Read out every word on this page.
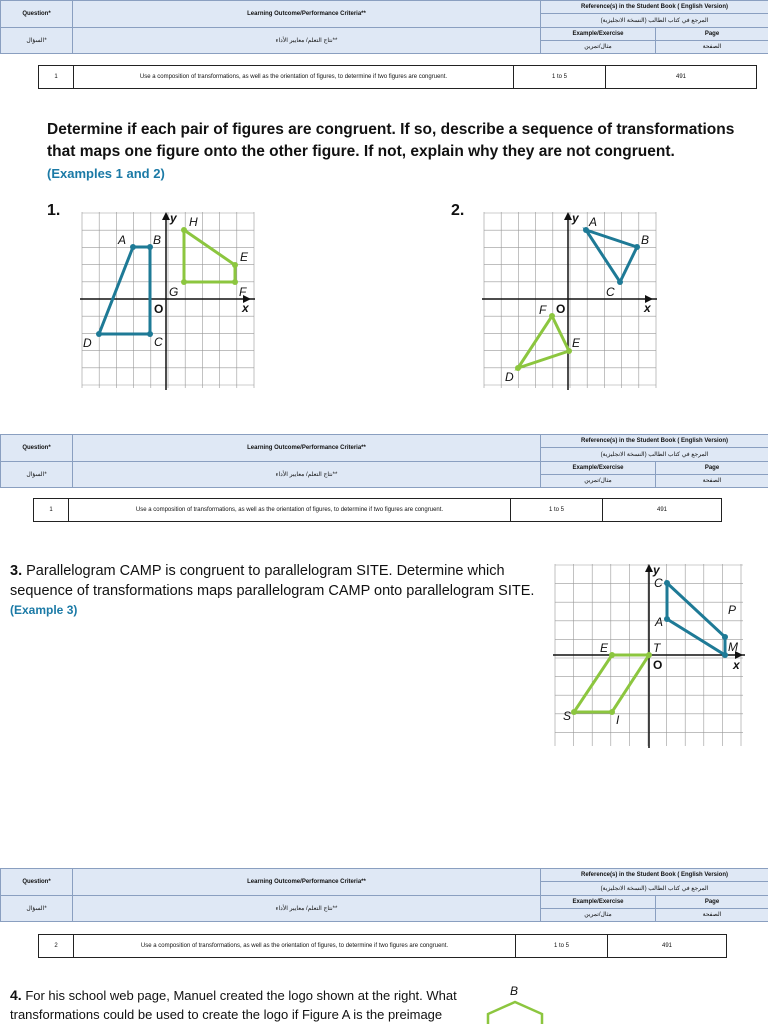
Question*	Learning Outcome/Performance Criteria**	Reference(s) in the Student Book ( English Version)	
		المرجع في كتاب الطالب (النسخة الانجليزية)	
السؤال*	نتاج التعلم/ معايير الأداء**	Example/Exercise	Page
		مثال/تمرين	الصفحة
1	Use a composition of transformations, as well as the orientation of figures, to determine if two figures are congruent.	1 to 5	491
Determine if each pair of figures are congruent. If so, describe a sequence of transformations that maps one figure onto the other figure. If not, explain why they are not congruent. (Examples 1 and 2)
1.	2.
A B
C
D
E
F
G
H
y
x
O
A
B
C
D
E
F
y
x
O
Question*	Learning Outcome/Performance Criteria**	Reference(s) in the Student Book ( English Version)	
		المرجع في كتاب الطالب (النسخة الانجليزية)	
السؤال*	نتاج التعلم/ معايير الأداء**	Example/Exercise	Page
		مثال/تمرين	الصفحة
1	Use a composition of transformations, as well as the orientation of figures, to determine if two figures are congruent.	1 to 5	491
3. Parallelogram CAMP is congruent to parallelogram SITE. Determine which sequence of transformations maps parallelogram CAMP onto parallelogram SITE. (Example 3)
C
A
M
P
S	I
T
E
y
x
O
Question*	Learning Outcome/Performance Criteria**	Reference(s) in the Student Book ( English Version)	
		المرجع في كتاب الطالب (النسخة الانجليزية)	
السؤال*	نتاج التعلم/ معايير الأداء**	Example/Exercise	Page
		مثال/تمرين	الصفحة
2	Use a composition of transformations, as well as the orientation of figures, to determine if two figures are congruent.	1 to 5	491
4. For his school web page, Manuel created the logo shown at the right. What
transformations could be used to create the logo if Figure A is the preimage
B
